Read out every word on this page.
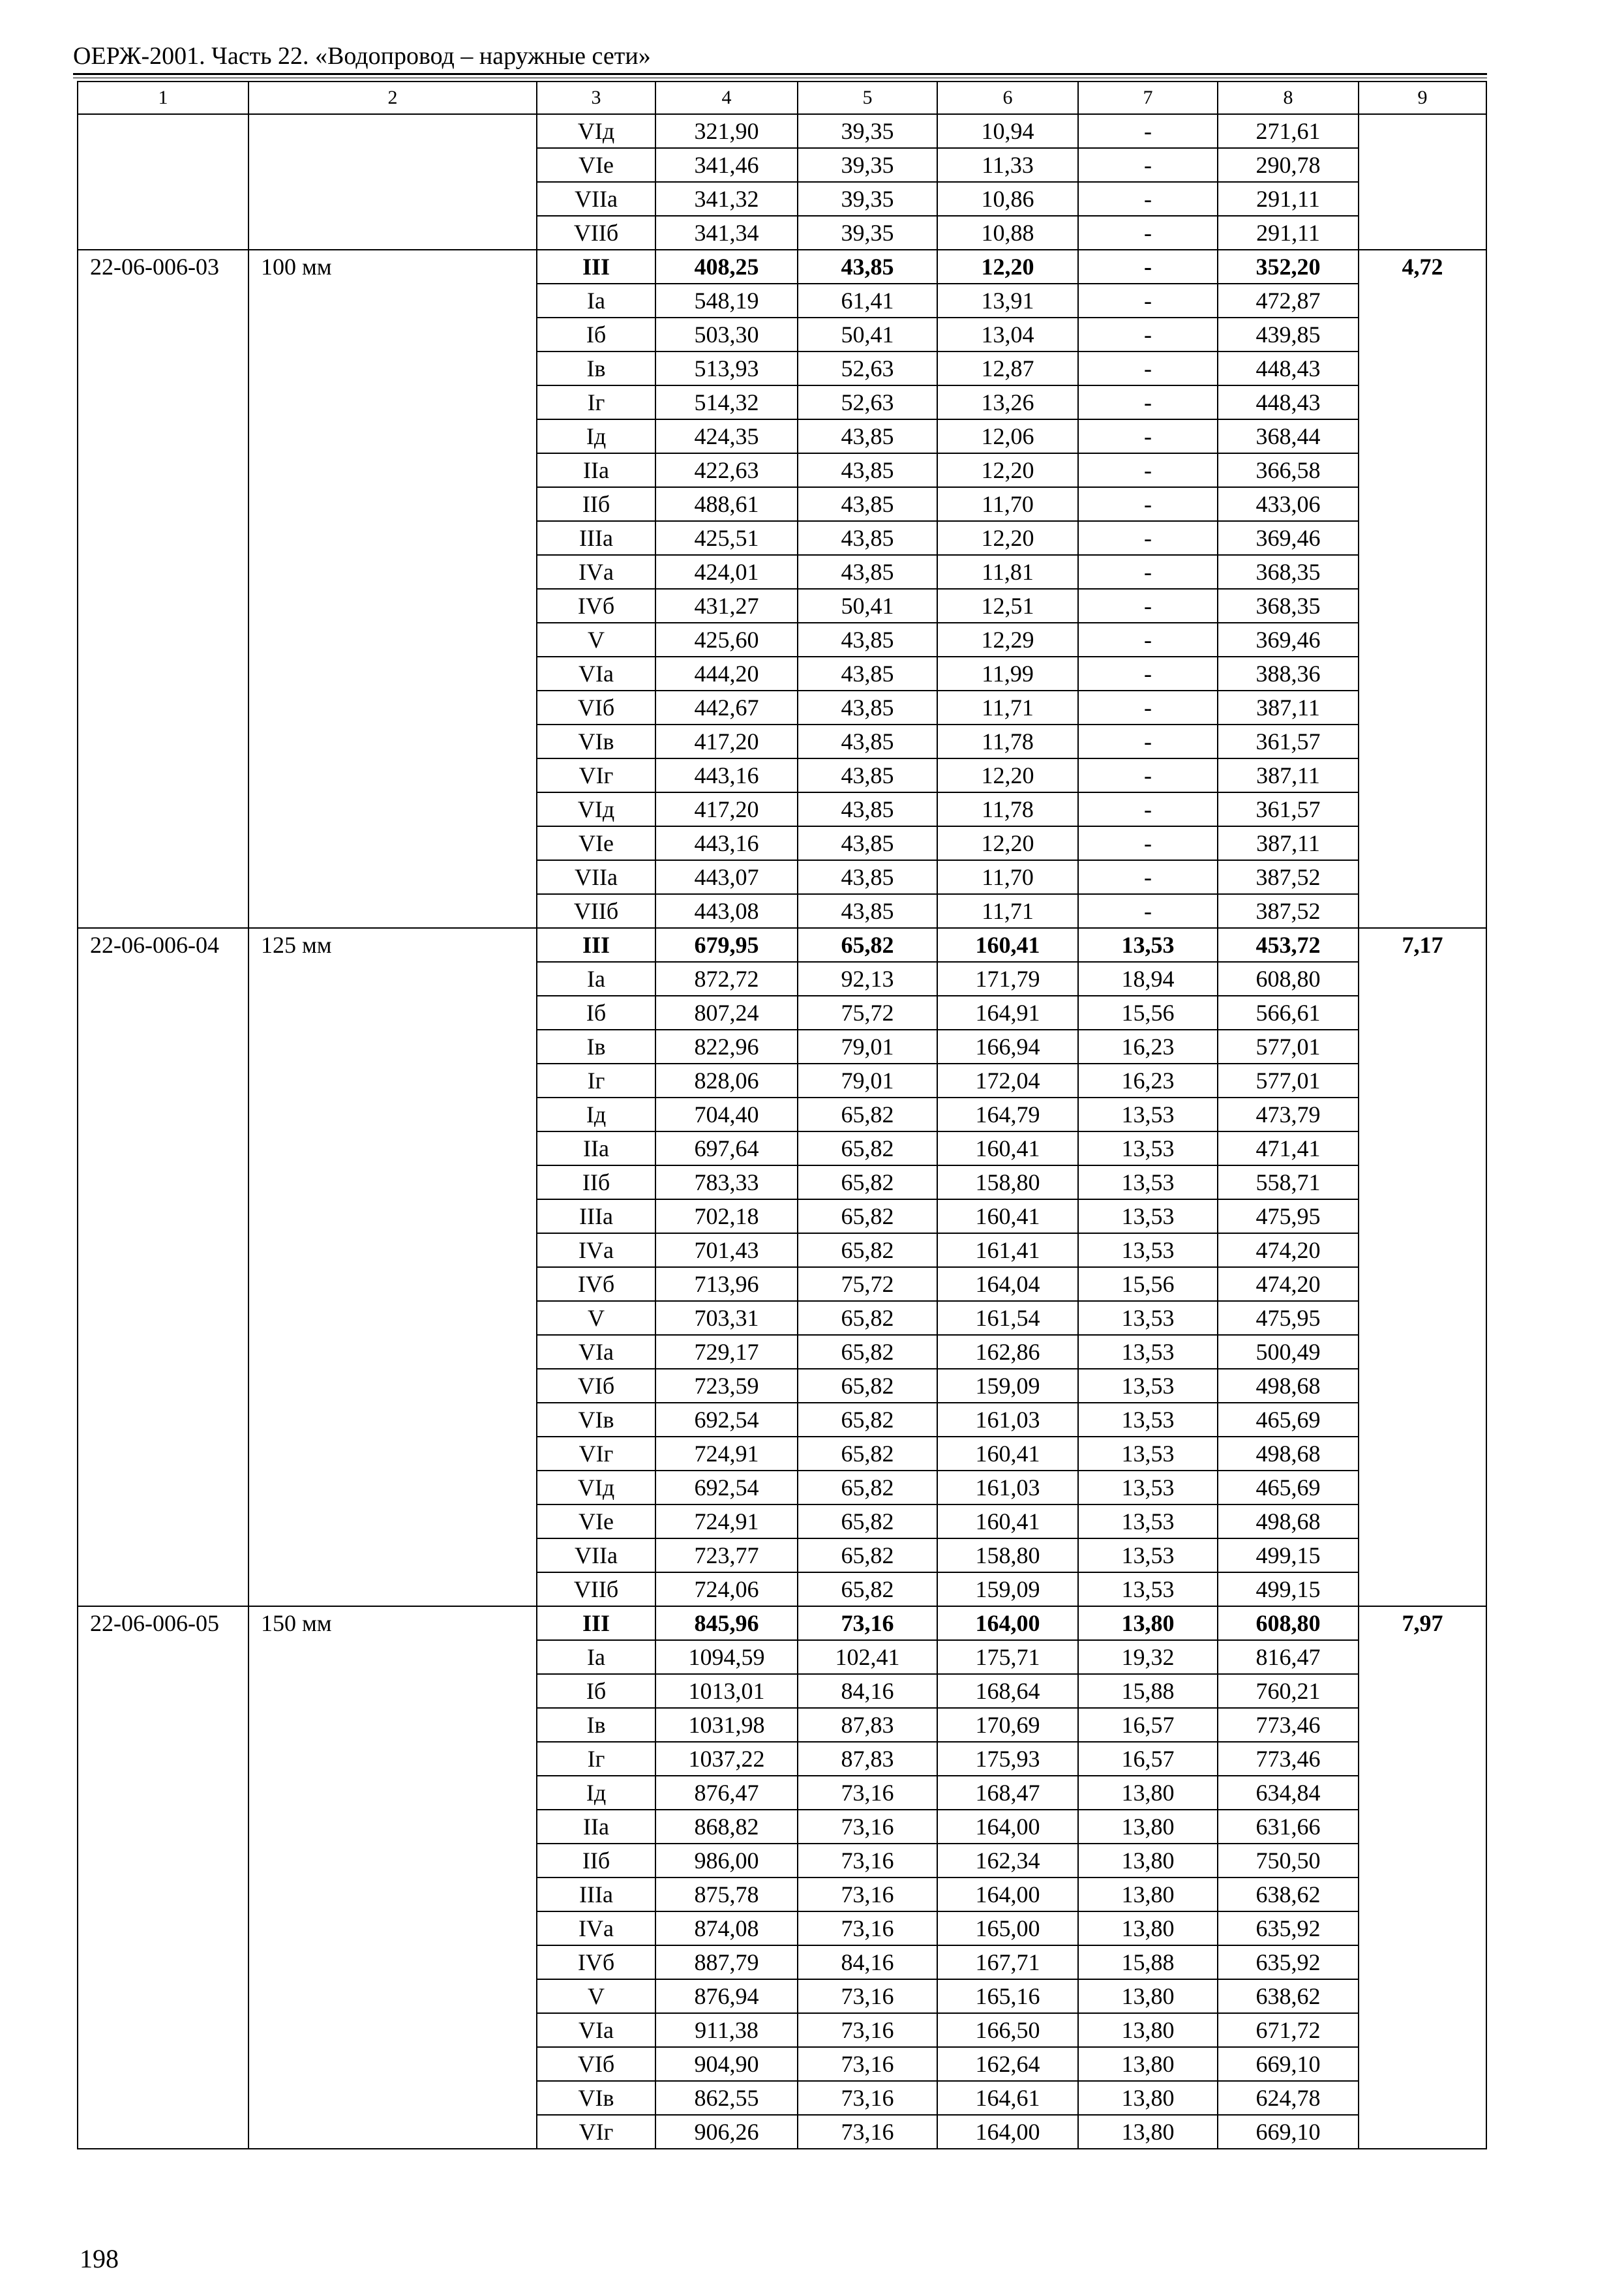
ОЕРЖ-2001. Часть 22. «Водопровод – наружные сети»
1	2	3	4	5	6	7	8	9
		VIд	321,90	39,35	10,94	-	271,61	
		VIе	341,46	39,35	11,33	-	290,78	
		VIIа	341,32	39,35	10,86	-	291,11	
		VIIб	341,34	39,35	10,88	-	291,11	
22-06-006-03	100 мм	III	408,25	43,85	12,20	-	352,20	4,72
		Iа	548,19	61,41	13,91	-	472,87	
		Iб	503,30	50,41	13,04	-	439,85	
		Iв	513,93	52,63	12,87	-	448,43	
		Iг	514,32	52,63	13,26	-	448,43	
		Iд	424,35	43,85	12,06	-	368,44	
		IIа	422,63	43,85	12,20	-	366,58	
		IIб	488,61	43,85	11,70	-	433,06	
		IIIа	425,51	43,85	12,20	-	369,46	
		IVа	424,01	43,85	11,81	-	368,35	
		IVб	431,27	50,41	12,51	-	368,35	
		V	425,60	43,85	12,29	-	369,46	
		VIа	444,20	43,85	11,99	-	388,36	
		VIб	442,67	43,85	11,71	-	387,11	
		VIв	417,20	43,85	11,78	-	361,57	
		VIг	443,16	43,85	12,20	-	387,11	
		VIд	417,20	43,85	11,78	-	361,57	
		VIе	443,16	43,85	12,20	-	387,11	
		VIIа	443,07	43,85	11,70	-	387,52	
		VIIб	443,08	43,85	11,71	-	387,52	
22-06-006-04	125 мм	III	679,95	65,82	160,41	13,53	453,72	7,17
		Iа	872,72	92,13	171,79	18,94	608,80	
		Iб	807,24	75,72	164,91	15,56	566,61	
		Iв	822,96	79,01	166,94	16,23	577,01	
		Iг	828,06	79,01	172,04	16,23	577,01	
		Iд	704,40	65,82	164,79	13,53	473,79	
		IIа	697,64	65,82	160,41	13,53	471,41	
		IIб	783,33	65,82	158,80	13,53	558,71	
		IIIа	702,18	65,82	160,41	13,53	475,95	
		IVа	701,43	65,82	161,41	13,53	474,20	
		IVб	713,96	75,72	164,04	15,56	474,20	
		V	703,31	65,82	161,54	13,53	475,95	
		VIа	729,17	65,82	162,86	13,53	500,49	
		VIб	723,59	65,82	159,09	13,53	498,68	
		VIв	692,54	65,82	161,03	13,53	465,69	
		VIг	724,91	65,82	160,41	13,53	498,68	
		VIд	692,54	65,82	161,03	13,53	465,69	
		VIе	724,91	65,82	160,41	13,53	498,68	
		VIIа	723,77	65,82	158,80	13,53	499,15	
		VIIб	724,06	65,82	159,09	13,53	499,15	
22-06-006-05	150 мм	III	845,96	73,16	164,00	13,80	608,80	7,97
		Iа	1094,59	102,41	175,71	19,32	816,47	
		Iб	1013,01	84,16	168,64	15,88	760,21	
		Iв	1031,98	87,83	170,69	16,57	773,46	
		Iг	1037,22	87,83	175,93	16,57	773,46	
		Iд	876,47	73,16	168,47	13,80	634,84	
		IIа	868,82	73,16	164,00	13,80	631,66	
		IIб	986,00	73,16	162,34	13,80	750,50	
		IIIа	875,78	73,16	164,00	13,80	638,62	
		IVа	874,08	73,16	165,00	13,80	635,92	
		IVб	887,79	84,16	167,71	15,88	635,92	
		V	876,94	73,16	165,16	13,80	638,62	
		VIа	911,38	73,16	166,50	13,80	671,72	
		VIб	904,90	73,16	162,64	13,80	669,10	
		VIв	862,55	73,16	164,61	13,80	624,78	
		VIг	906,26	73,16	164,00	13,80	669,10	
198
